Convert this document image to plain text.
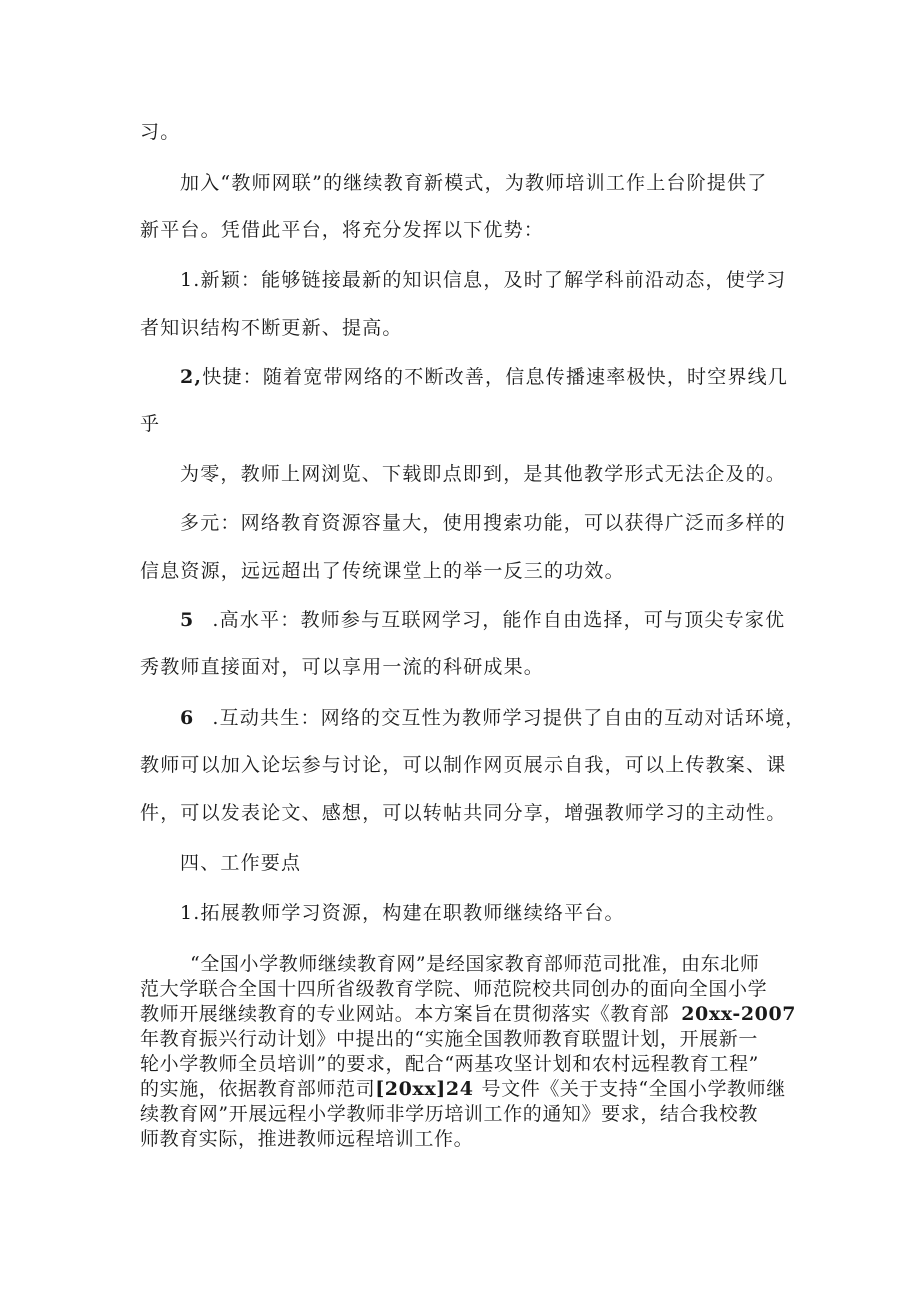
习。
加入“教师网联”的继续教育新模式，为教师培训工作上台阶提供了
新平台。凭借此平台，将充分发挥以下优势：
1.新颖：能够链接最新的知识信息，及时了解学科前沿动态，使学习
者知识结构不断更新、提高。
2,快捷：随着宽带网络的不断改善，信息传播速率极快，时空界线几
乎
为零，教师上网浏览、下载即点即到，是其他教学形式无法企及的。
多元：网络教育资源容量大，使用搜索功能，可以获得广泛而多样的
信息资源，远远超出了传统课堂上的举一反三的功效。
5 .高水平：教师参与互联网学习，能作自由选择，可与顶尖专家优
秀教师直接面对，可以享用一流的科研成果。
6 .互动共生：网络的交互性为教师学习提供了自由的互动对话环境，
教师可以加入论坛参与讨论，可以制作网页展示自我，可以上传教案、课
件，可以发表论文、感想，可以转帖共同分享，增强教师学习的主动性。
四、工作要点
1.拓展教师学习资源，构建在职教师继续络平台。
“全国小学教师继续教育网”是经国家教育部师范司批准，由东北师
范大学联合全国十四所省级教育学院、师范院校共同创办的面向全国小学
教师开展继续教育的专业网站。本方案旨在贯彻落实《教育部 20xx-2007
年教育振兴行动计划》中提出的“实施全国教师教育联盟计划，开展新一
轮小学教师全员培训”的要求，配合“两基攻坚计划和农村远程教育工程”
的实施，依据教育部师范司[20xx]24 号文件《关于支持“全国小学教师继
续教育网”开展远程小学教师非学历培训工作的通知》要求，结合我校教
师教育实际，推进教师远程培训工作。
